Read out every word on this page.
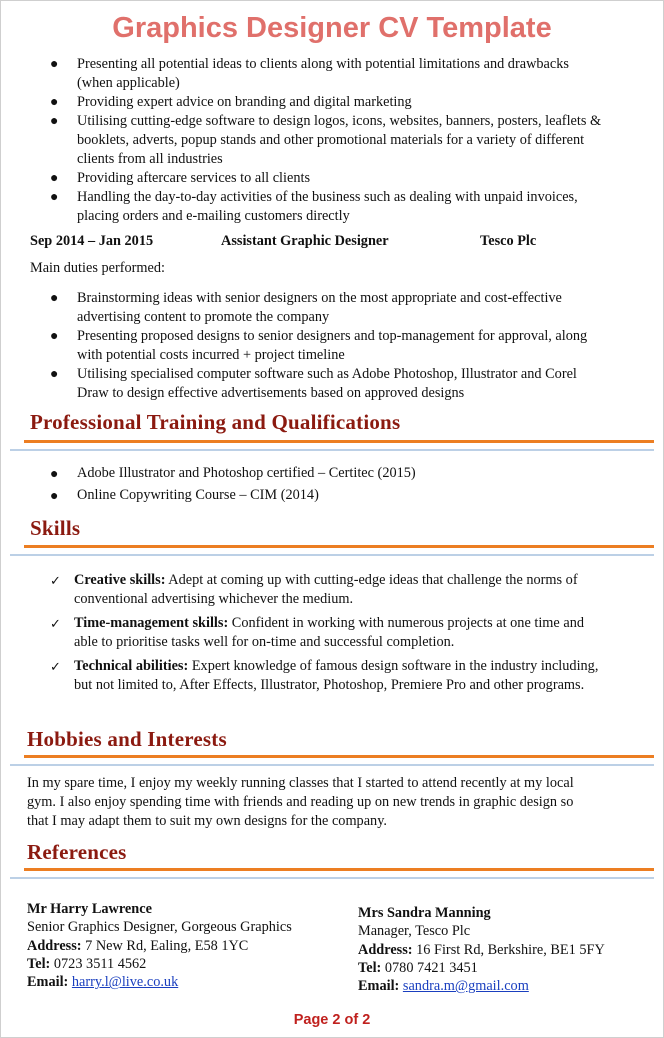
Graphics Designer CV Template
● Presenting all potential ideas to clients along with potential limitations and drawbacks (when applicable)
● Providing expert advice on branding and digital marketing
● Utilising cutting-edge software to design logos, icons, websites, banners, posters, leaflets & booklets, adverts, popup stands and other promotional materials for a variety of different clients from all industries
● Providing aftercare services to all clients
● Handling the day-to-day activities of the business such as dealing with unpaid invoices, placing orders and e-mailing customers directly
Sep 2014 – Jan 2015	Assistant Graphic Designer	Tesco Plc
Main duties performed:
● Brainstorming ideas with senior designers on the most appropriate and cost-effective advertising content to promote the company
● Presenting proposed designs to senior designers and top-management for approval, along with potential costs incurred + project timeline
● Utilising specialised computer software such as Adobe Photoshop, Illustrator and Corel Draw to design effective advertisements based on approved designs
Professional Training and Qualifications
● Adobe Illustrator and Photoshop certified – Certitec (2015)
● Online Copywriting Course – CIM (2014)
Skills
✓ Creative skills: Adept at coming up with cutting-edge ideas that challenge the norms of conventional advertising whichever the medium.
✓ Time-management skills: Confident in working with numerous projects at one time and able to prioritise tasks well for on-time and successful completion.
✓ Technical abilities: Expert knowledge of famous design software in the industry including, but not limited to, After Effects, Illustrator, Photoshop, Premiere Pro and other programs.
Hobbies and Interests
In my spare time, I enjoy my weekly running classes that I started to attend recently at my local gym. I also enjoy spending time with friends and reading up on new trends in graphic design so that I may adapt them to suit my own designs for the company.
References
Mr Harry Lawrence
Senior Graphics Designer, Gorgeous Graphics
Address: 7 New Rd, Ealing, E58 1YC
Tel: 0723 3511 4562
Email: harry.l@live.co.uk
Mrs Sandra Manning
Manager, Tesco Plc
Address: 16 First Rd, Berkshire, BE1 5FY
Tel: 0780 7421 3451
Email: sandra.m@gmail.com
Page 2 of 2
